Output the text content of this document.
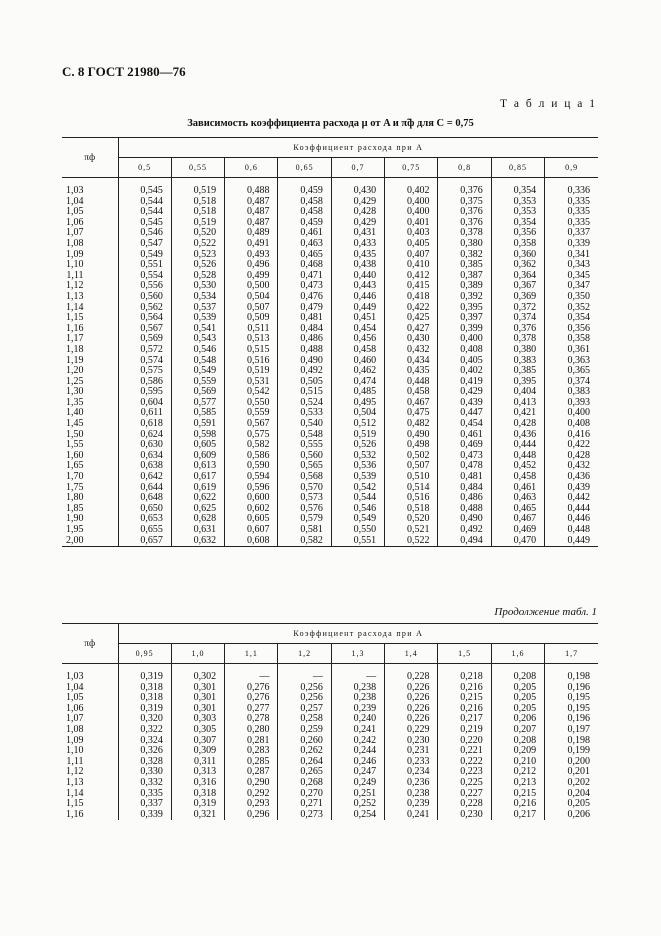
С. 8 ГОСТ 21980—76
Т а б л и ц а 1
Зависимость коэффициента расхода μ от A и π̃ф для C = 0,75
πф	Коэффициент расхода при A								
	0,5	0,55	0,6	0,65	0,7	0,75	0,8	0,85	0,9

1,03	0,545	0,519	0,488	0,459	0,430	0,402	0,376	0,354	0,336
1,04	0,544	0,518	0,487	0,458	0,429	0,400	0,375	0,353	0,335
1,05	0,544	0,518	0,487	0,458	0,428	0,400	0,376	0,353	0,335
1,06	0,545	0,519	0,487	0,459	0,429	0,401	0,376	0,354	0,335
1,07	0,546	0,520	0,489	0,461	0,431	0,403	0,378	0,356	0,337
1,08	0,547	0,522	0,491	0,463	0,433	0,405	0,380	0,358	0,339
1,09	0,549	0,523	0,493	0,465	0,435	0,407	0,382	0,360	0,341
1,10	0,551	0,526	0,496	0,468	0,438	0,410	0,385	0,362	0,343
1,11	0,554	0,528	0,499	0,471	0,440	0,412	0,387	0,364	0,345
1,12	0,556	0,530	0,500	0,473	0,443	0,415	0,389	0,367	0,347
1,13	0,560	0,534	0,504	0,476	0,446	0,418	0,392	0,369	0,350
1,14	0,562	0,537	0,507	0,479	0,449	0,422	0,395	0,372	0,352
1,15	0,564	0,539	0,509	0,481	0,451	0,425	0,397	0,374	0,354
1,16	0,567	0,541	0,511	0,484	0,454	0,427	0,399	0,376	0,356
1,17	0,569	0,543	0,513	0,486	0,456	0,430	0,400	0,378	0,358
1,18	0,572	0,546	0,515	0,488	0,458	0,432	0,408	0,380	0,361
1,19	0,574	0,548	0,516	0,490	0,460	0,434	0,405	0,383	0,363
1,20	0,575	0,549	0,519	0,492	0,462	0,435	0,402	0,385	0,365
1,25	0,586	0,559	0,531	0,505	0,474	0,448	0,419	0,395	0,374
1,30	0,595	0,569	0,542	0,515	0,485	0,458	0,429	0,404	0,383
1,35	0,604	0,577	0,550	0,524	0,495	0,467	0,439	0,413	0,393
1,40	0,611	0,585	0,559	0,533	0,504	0,475	0,447	0,421	0,400
1,45	0,618	0,591	0,567	0,540	0,512	0,482	0,454	0,428	0,408
1,50	0,624	0,598	0,575	0,548	0,519	0,490	0,461	0,436	0,416
1,55	0,630	0,605	0,582	0,555	0,526	0,498	0,469	0,444	0,422
1,60	0,634	0,609	0,586	0,560	0,532	0,502	0,473	0,448	0,428
1,65	0,638	0,613	0,590	0,565	0,536	0,507	0,478	0,452	0,432
1,70	0,642	0,617	0,594	0,568	0,539	0,510	0,481	0,458	0,436
1,75	0,644	0,619	0,596	0,570	0,542	0,514	0,484	0,461	0,439
1,80	0,648	0,622	0,600	0,573	0,544	0,516	0,486	0,463	0,442
1,85	0,650	0,625	0,602	0,576	0,546	0,518	0,488	0,465	0,444
1,90	0,653	0,628	0,605	0,579	0,549	0,520	0,490	0,467	0,446
1,95	0,655	0,631	0,607	0,581	0,550	0,521	0,492	0,469	0,448
2,00	0,657	0,632	0,608	0,582	0,551	0,522	0,494	0,470	0,449
Продолжение табл. 1
πф	Коэффициент расхода при A								
	0,95	1,0	1,1	1,2	1,3	1,4	1,5	1,6	1,7

1,03	0,319	0,302	—	—	—	0,228	0,218	0,208	0,198
1,04	0,318	0,301	0,276	0,256	0,238	0,226	0,216	0,205	0,196
1,05	0,318	0,301	0,276	0,256	0,238	0,226	0,215	0,205	0,195
1,06	0,319	0,301	0,277	0,257	0,239	0,226	0,216	0,205	0,195
1,07	0,320	0,303	0,278	0,258	0,240	0,226	0,217	0,206	0,196
1,08	0,322	0,305	0,280	0,259	0,241	0,229	0,219	0,207	0,197
1,09	0,324	0,307	0,281	0,260	0,242	0,230	0,220	0,208	0,198
1,10	0,326	0,309	0,283	0,262	0,244	0,231	0,221	0,209	0,199
1,11	0,328	0,311	0,285	0,264	0,246	0,233	0,222	0,210	0,200
1,12	0,330	0,313	0,287	0,265	0,247	0,234	0,223	0,212	0,201
1,13	0,332	0,316	0,290	0,268	0,249	0,236	0,225	0,213	0,202
1,14	0,335	0,318	0,292	0,270	0,251	0,238	0,227	0,215	0,204
1,15	0,337	0,319	0,293	0,271	0,252	0,239	0,228	0,216	0,205
1,16	0,339	0,321	0,296	0,273	0,254	0,241	0,230	0,217	0,206
